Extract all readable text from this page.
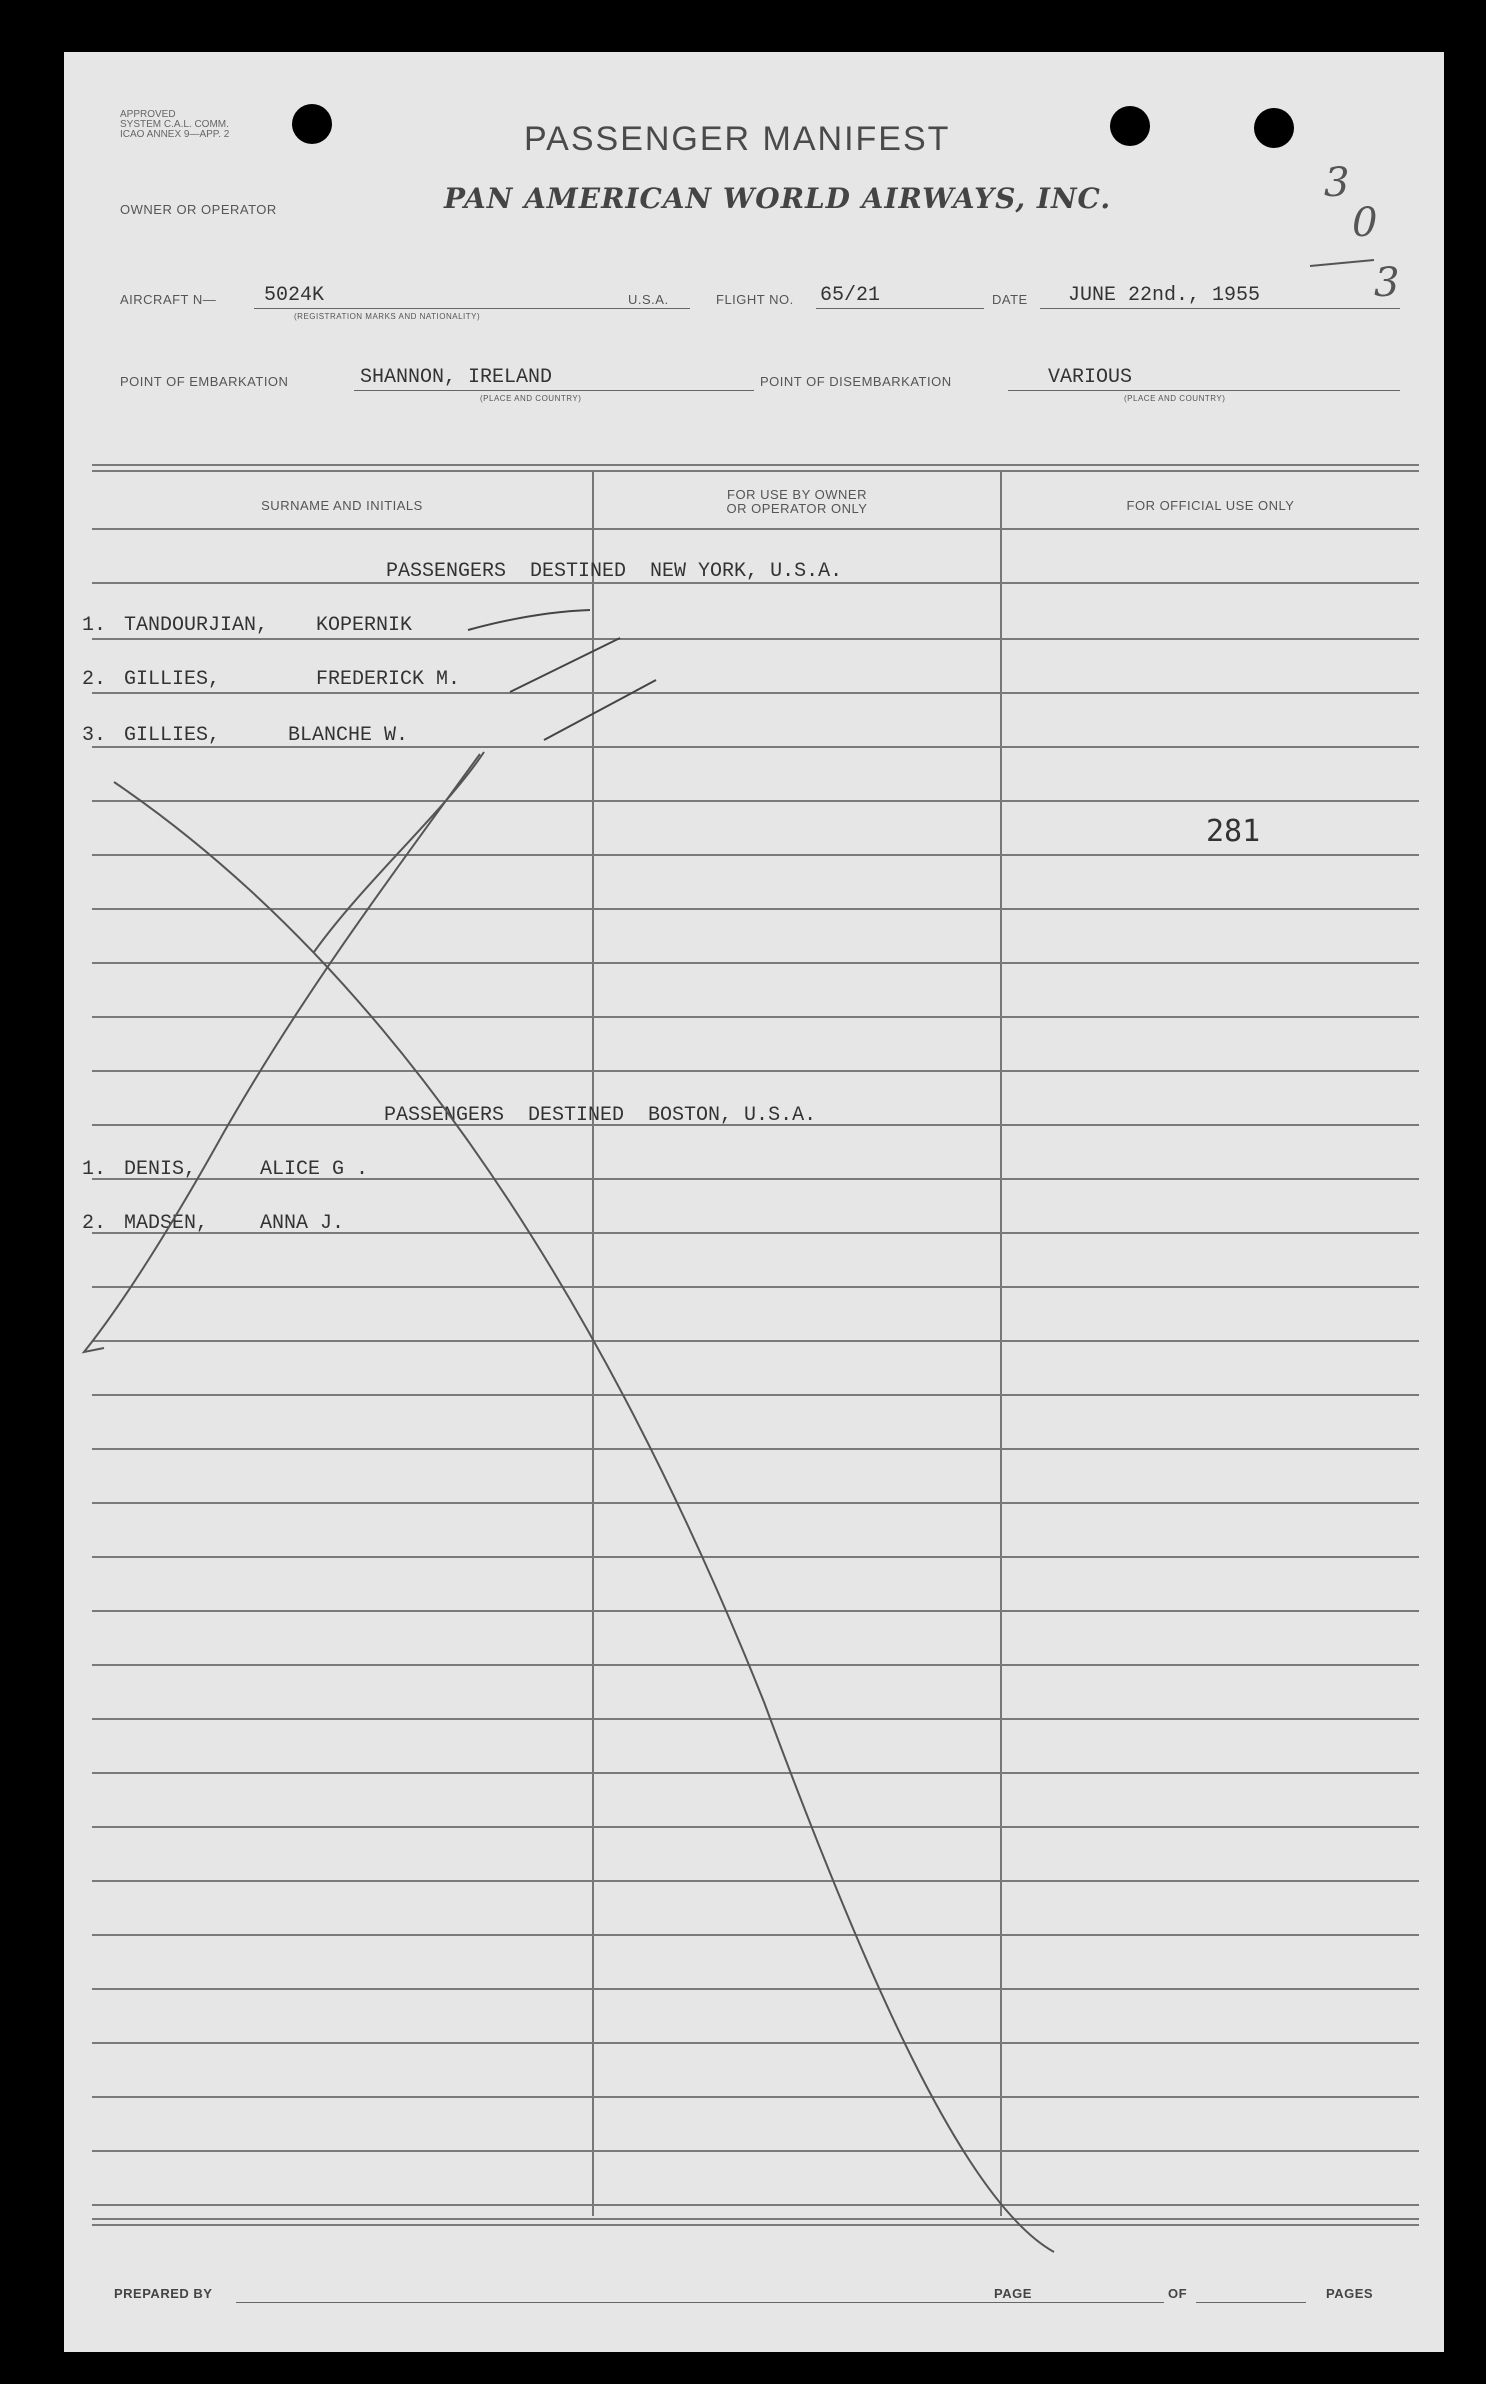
APPROVED
SYSTEM C.A.L. COMM.
ICAO ANNEX 9—APP. 2	PASSENGER MANIFEST
OWNER OR OPERATOR	PAN AMERICAN WORLD AIRWAYS, INC.	3
0
3
AIRCRAFT N— 5024K
(REGISTRATION MARKS AND NATIONALITY)
U.S.A.	FLIGHT NO. 65/21	DATE JUNE 22nd., 1955
POINT OF EMBARKATION	SHANNON, IRELAND
(PLACE AND COUNTRY)
POINT OF DISEMBARKATION	VARIOUS
(PLACE AND COUNTRY)
SURNAME AND INITIALS
FOR USE BY OWNER
OR OPERATOR ONLY	FOR OFFICIAL USE ONLY
PASSENGERS  DESTINED  NEW YORK, U.S.A.
1. TANDOURJIAN, KOPERNIK
2. GILLIES,	FREDERICK M.
3. GILLIES,	BLANCHE W.
281
PASSENGERS  DESTINED  BOSTON, U.S.A.
1. DENIS,	ALICE G .
2. MADSEN,	ANNA J.
PREPARED BY	PAGE	OF	PAGES
